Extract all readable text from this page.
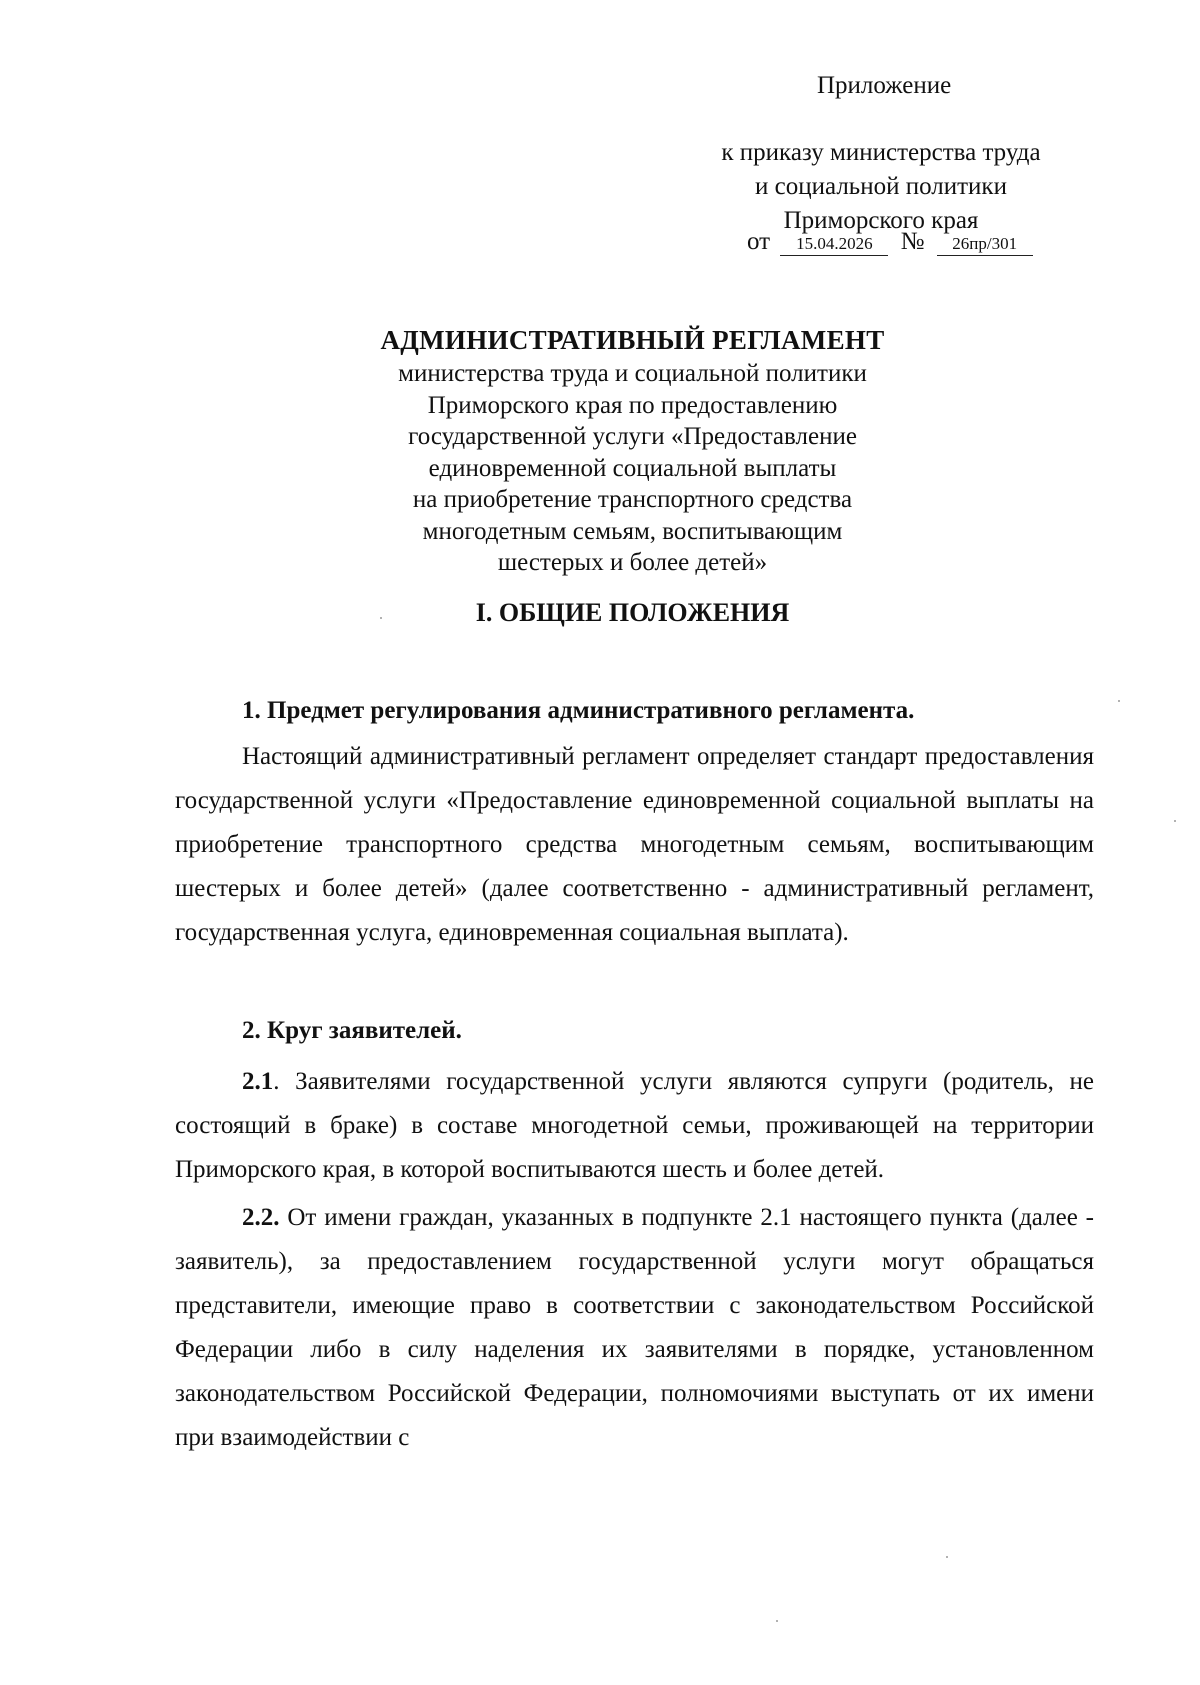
Приложение
к приказу министерства труда
и социальной политики
Приморского края
от 15.04.2026 № 26пр/301
АДМИНИСТРАТИВНЫЙ РЕГЛАМЕНТ
министерства труда и социальной политики
Приморского края по предоставлению
государственной услуги «Предоставление
единовременной социальной выплаты
на приобретение транспортного средства
многодетным семьям, воспитывающим
шестерых и более детей»
I. ОБЩИЕ ПОЛОЖЕНИЯ
1. Предмет регулирования административного регламента.
Настоящий административный регламент определяет стандарт предоставления государственной услуги «Предоставление единовременной социальной выплаты на приобретение транспортного средства многодетным семьям, воспитывающим шестерых и более детей» (далее соответственно - административный регламент, государственная услуга, единовременная социальная выплата).
2. Круг заявителей.
2.1. Заявителями государственной услуги являются супруги (родитель, не состоящий в браке) в составе многодетной семьи, проживающей на территории Приморского края, в которой воспитываются шесть и более детей.
2.2. От имени граждан, указанных в подпункте 2.1 настоящего пункта (далее - заявитель), за предоставлением государственной услуги могут обращаться представители, имеющие право в соответствии с законодательством Российской Федерации либо в силу наделения их заявителями в порядке, установленном законодательством Российской Федерации, полномочиями выступать от их имени при взаимодействии с
